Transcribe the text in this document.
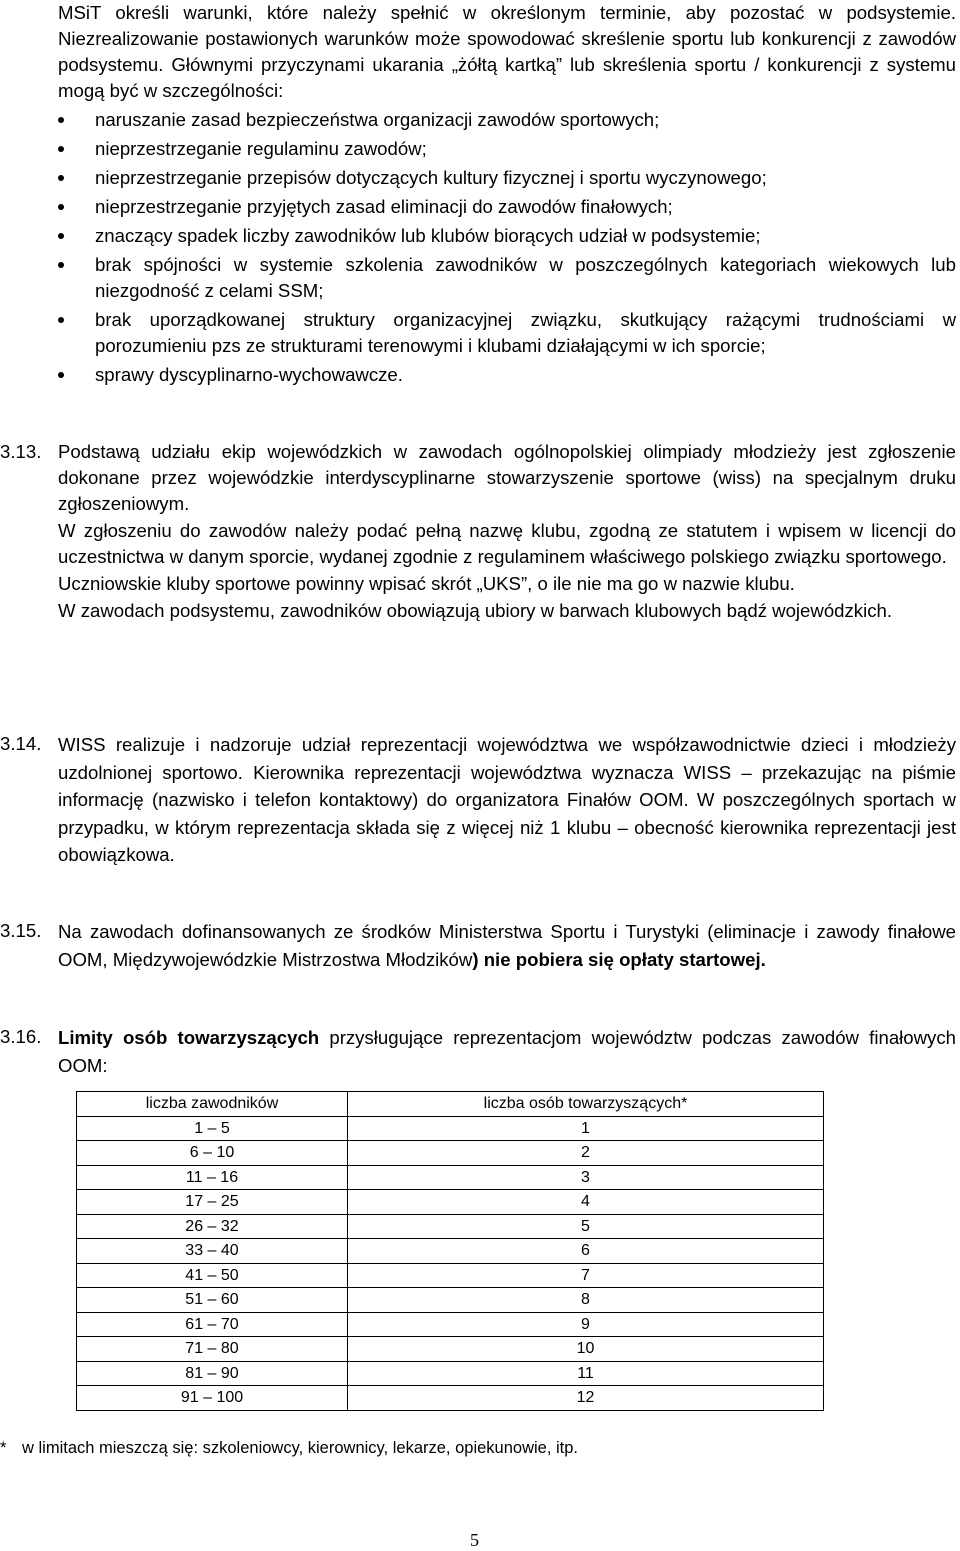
MSiT określi warunki, które należy spełnić w określonym terminie, aby pozostać w podsystemie. Niezrealizowanie postawionych warunków może spowodować skreślenie sportu lub konkurencji z zawodów podsystemu. Głównymi przyczynami ukarania „żółtą kartką” lub skreślenia sportu / konkurencji z systemu mogą być w szczególności:

naruszanie zasad bezpieczeństwa organizacji zawodów sportowych;
nieprzestrzeganie regulaminu zawodów;
nieprzestrzeganie przepisów dotyczących kultury fizycznej i sportu wyczynowego;
nieprzestrzeganie przyjętych zasad eliminacji do zawodów finałowych;
znaczący spadek liczby zawodników lub klubów biorących udział w podsystemie;
brak spójności w systemie szkolenia zawodników w poszczególnych kategoriach wiekowych lub niezgodność z celami SSM;
brak uporządkowanej struktury organizacyjnej związku, skutkujący rażącymi trudnościami w porozumieniu pzs ze strukturami terenowymi i klubami działającymi w ich sporcie;
sprawy dyscyplinarno-wychowawcze.
3.13. Podstawą udziału ekip wojewódzkich w zawodach ogólnopolskiej olimpiady młodzieży jest zgłoszenie dokonane przez wojewódzkie interdyscyplinarne stowarzyszenie sportowe (wiss) na specjalnym druku zgłoszeniowym.

W zgłoszeniu do zawodów należy podać pełną nazwę klubu, zgodną ze statutem i wpisem w licencji do uczestnictwa w danym sporcie, wydanej zgodnie z regulaminem właściwego polskiego związku sportowego.

Uczniowskie kluby sportowe powinny wpisać skrót „UKS”, o ile nie ma go w nazwie klubu.

W zawodach podsystemu, zawodników obowiązują ubiory w barwach klubowych bądź wojewódzkich.

3.14. WISS realizuje i nadzoruje udział reprezentacji województwa we współzawodnictwie dzieci i młodzieży uzdolnionej sportowo. Kierownika reprezentacji województwa wyznacza WISS – przekazując na piśmie informację (nazwisko i telefon kontaktowy) do organizatora Finałów OOM. W poszczególnych sportach w przypadku, w którym reprezentacja składa się z więcej niż 1 klubu – obecność kierownika reprezentacji jest obowiązkowa.

3.15. Na zawodach dofinansowanych ze środków Ministerstwa Sportu i Turystyki (eliminacje i zawody finałowe OOM, Międzywojewódzkie Mistrzostwa Młodzików) nie pobiera się opłaty startowej.

3.16. Limity osób towarzyszących przysługujące reprezentacjom województw podczas zawodów finałowych OOM:

liczba zawodników	liczba osób towarzyszących*
1 – 5	1
6 – 10	2
11 – 16	3
17 – 25	4
26 – 32	5
33 – 40	6
41 – 50	7
51 – 60	8
61 – 70	9
71 – 80	10
81 – 90	11
91 – 100	12
* w limitach mieszczą się: szkoleniowcy, kierownicy, lekarze, opiekunowie, itp.
5
